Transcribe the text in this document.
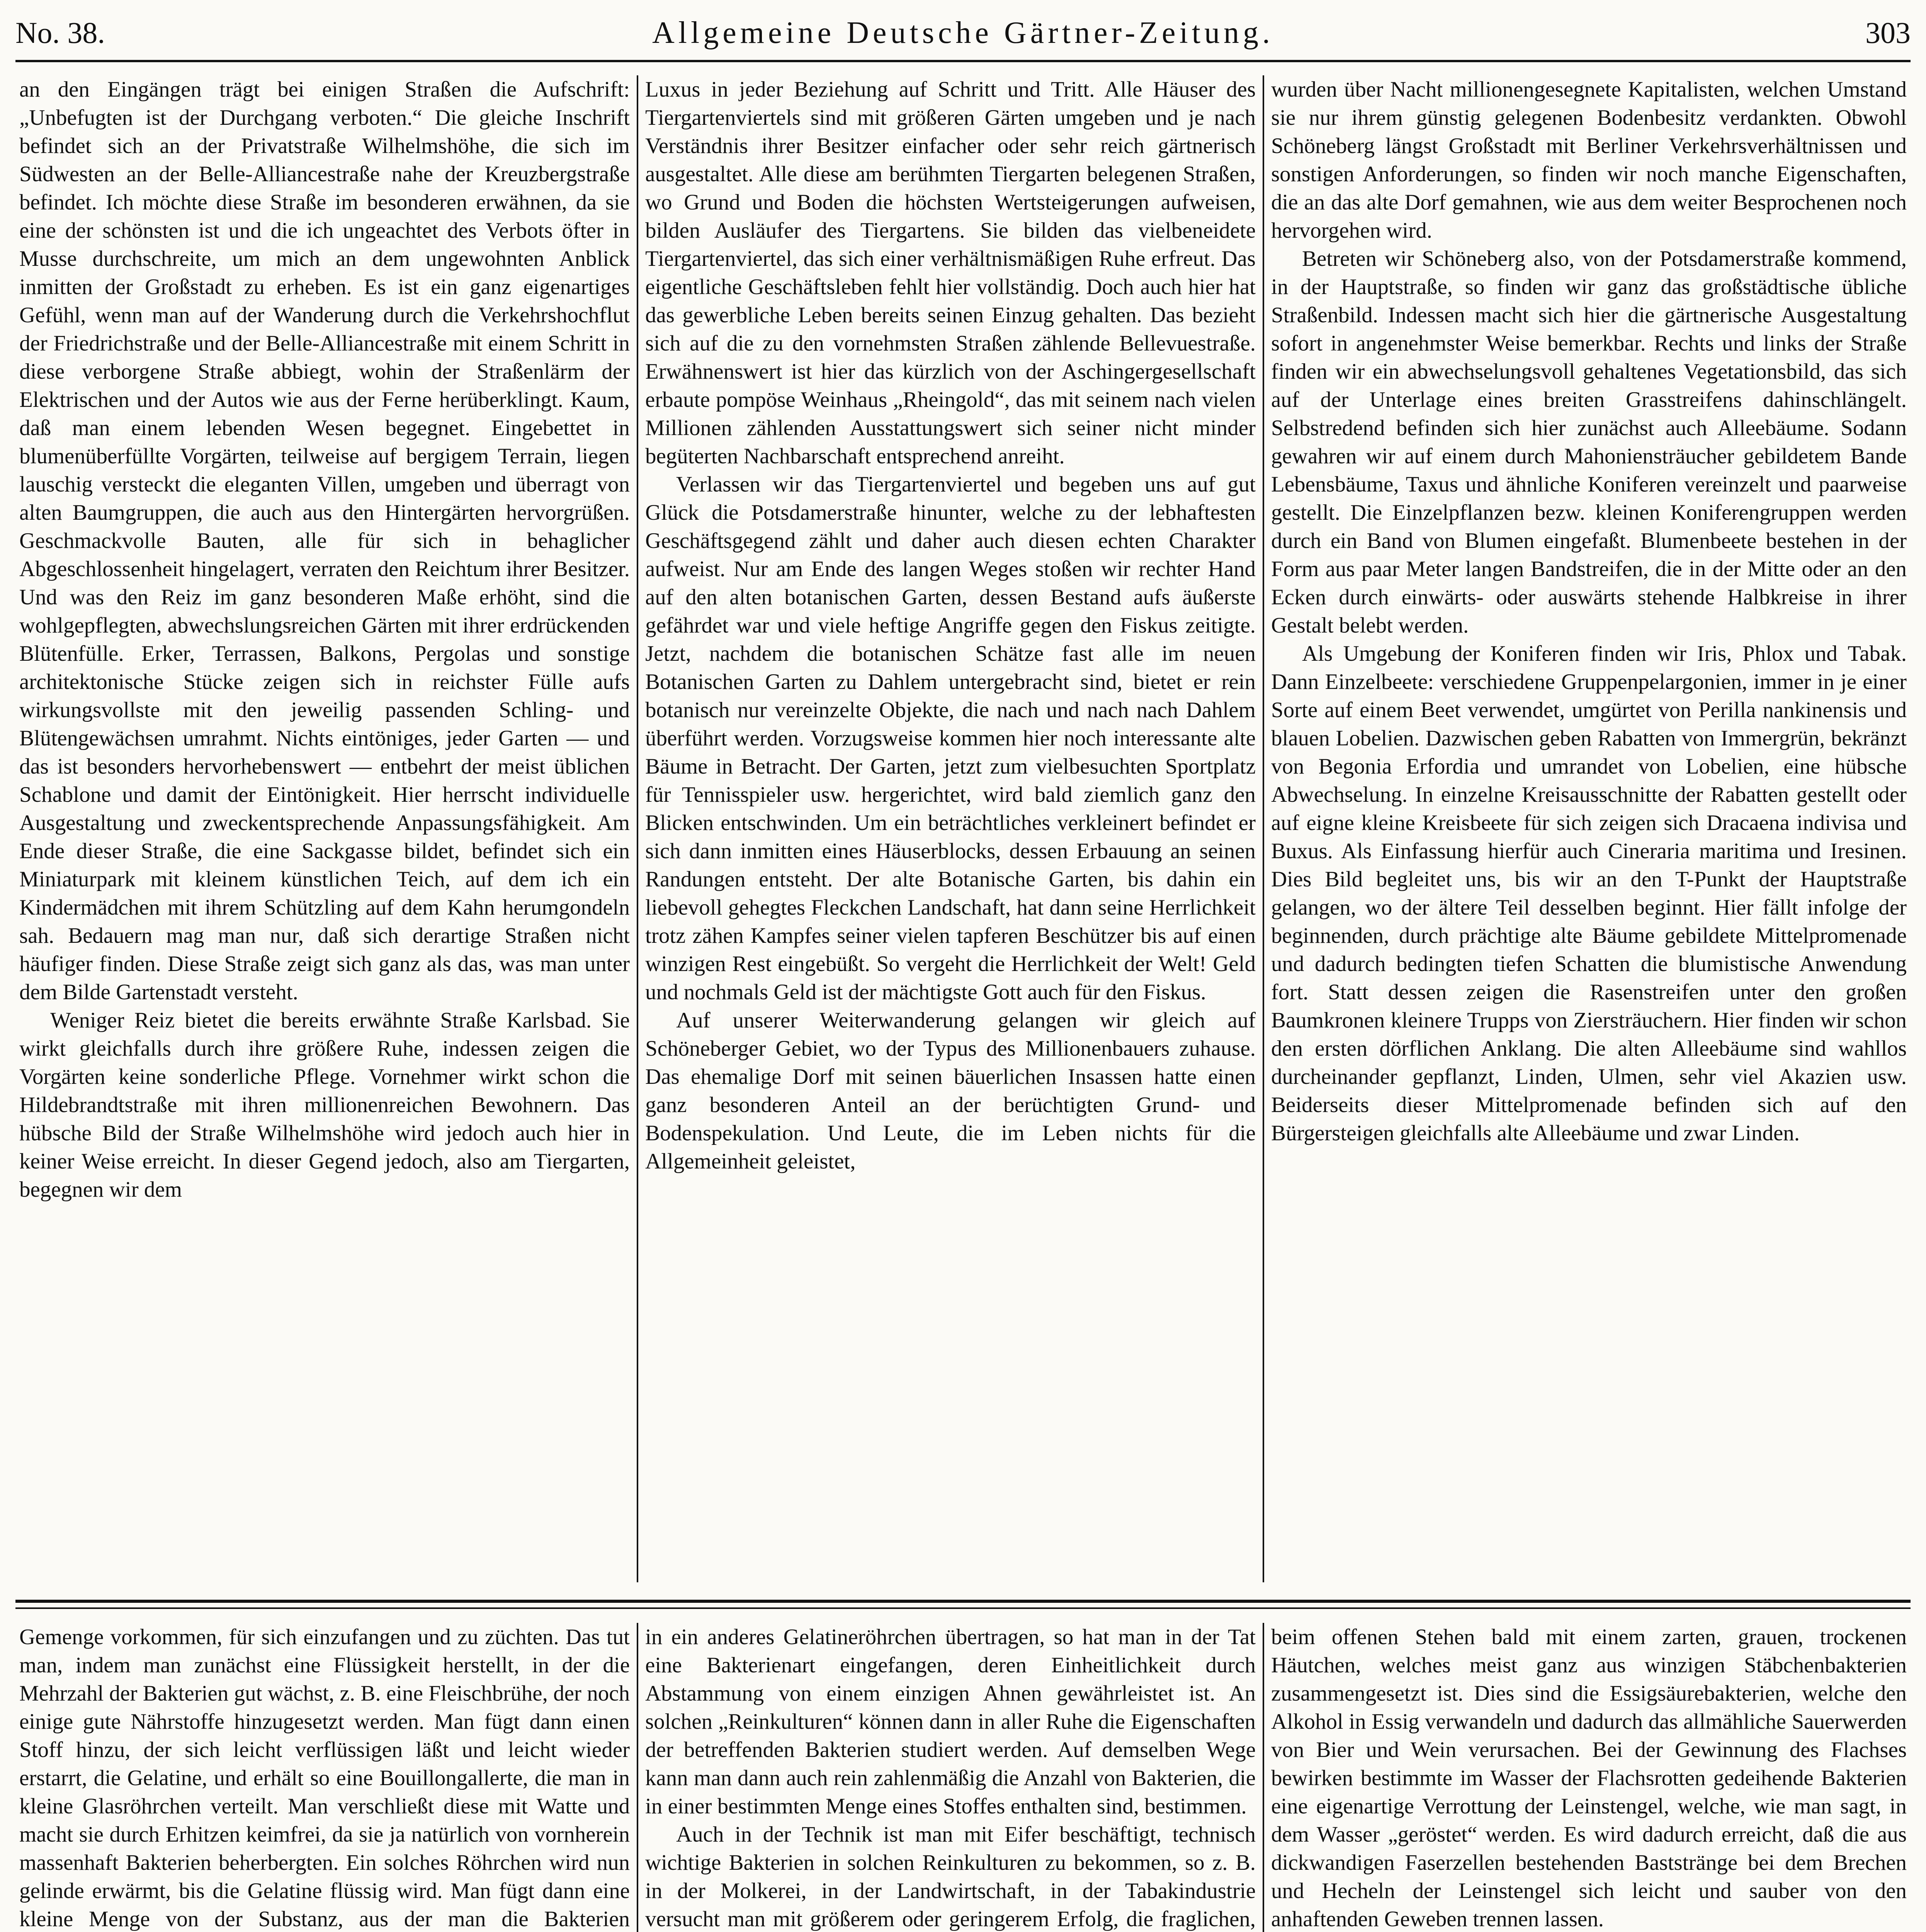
No. 38.	Allgemeine Deutsche Gärtner-Zeitung.	303

an den Eingängen trägt bei einigen Straßen die Aufschrift: „Unbefugten ist der Durchgang verboten.“ Die gleiche Inschrift befindet sich an der Privatstraße Wilhelmshöhe, die sich im Südwesten an der Belle-Alliancestraße nahe der Kreuzbergstraße befindet. Ich möchte diese Straße im besonderen erwähnen, da sie eine der schönsten ist und die ich ungeachtet des Verbots öfter in Musse durchschreite, um mich an dem ungewohnten Anblick inmitten der Großstadt zu erheben. Es ist ein ganz eigenartiges Gefühl, wenn man auf der Wanderung durch die Verkehrshochflut der Friedrichstraße und der Belle-Alliancestraße mit einem Schritt in diese verborgene Straße abbiegt, wohin der Straßenlärm der Elektrischen und der Autos wie aus der Ferne herüberklingt. Kaum, daß man einem lebenden Wesen begegnet. Eingebettet in blumenüberfüllte Vorgärten, teilweise auf bergigem Terrain, liegen lauschig versteckt die eleganten Villen, umgeben und überragt von alten Baumgruppen, die auch aus den Hintergärten hervorgrüßen. Geschmackvolle Bauten, alle für sich in behaglicher Abgeschlossenheit hingelagert, verraten den Reichtum ihrer Besitzer. Und was den Reiz im ganz besonderen Maße erhöht, sind die wohlgepflegten, abwechslungsreichen Gärten mit ihrer erdrückenden Blütenfülle. Erker, Terrassen, Balkons, Pergolas und sonstige architektonische Stücke zeigen sich in reichster Fülle aufs wirkungsvollste mit den jeweilig passenden Schling- und Blütengewächsen umrahmt. Nichts eintöniges, jeder Garten — und das ist besonders hervorhebenswert — entbehrt der meist üblichen Schablone und damit der Eintönigkeit. Hier herrscht individuelle Ausgestaltung und zweckentsprechende Anpassungsfähigkeit. Am Ende dieser Straße, die eine Sackgasse bildet, befindet sich ein Miniaturpark mit kleinem künstlichen Teich, auf dem ich ein Kindermädchen mit ihrem Schützling auf dem Kahn herumgondeln sah. Bedauern mag man nur, daß sich derartige Straßen nicht häufiger finden. Diese Straße zeigt sich ganz als das, was man unter dem Bilde Gartenstadt versteht.

Weniger Reiz bietet die bereits erwähnte Straße Karlsbad. Sie wirkt gleichfalls durch ihre größere Ruhe, indessen zeigen die Vorgärten keine sonderliche Pflege. Vornehmer wirkt schon die Hildebrandtstraße mit ihren millionenreichen Bewohnern. Das hübsche Bild der Straße Wilhelmshöhe wird jedoch auch hier in keiner Weise erreicht. In dieser Gegend jedoch, also am Tiergarten, begegnen wir dem

Luxus in jeder Beziehung auf Schritt und Tritt. Alle Häuser des Tiergartenviertels sind mit größeren Gärten umgeben und je nach Verständnis ihrer Besitzer einfacher oder sehr reich gärtnerisch ausgestaltet. Alle diese am berühmten Tiergarten belegenen Straßen, wo Grund und Boden die höchsten Wertsteigerungen aufweisen, bilden Ausläufer des Tiergartens. Sie bilden das vielbeneidete Tiergartenviertel, das sich einer verhältnismäßigen Ruhe erfreut. Das eigentliche Geschäftsleben fehlt hier vollständig. Doch auch hier hat das gewerbliche Leben bereits seinen Einzug gehalten. Das bezieht sich auf die zu den vornehmsten Straßen zählende Bellevuestraße. Erwähnenswert ist hier das kürzlich von der Aschingergesellschaft erbaute pompöse Weinhaus „Rheingold“, das mit seinem nach vielen Millionen zählenden Ausstattungswert sich seiner nicht minder begüterten Nachbarschaft entsprechend anreiht.

Verlassen wir das Tiergartenviertel und begeben uns auf gut Glück die Potsdamerstraße hinunter, welche zu der lebhaftesten Geschäftsgegend zählt und daher auch diesen echten Charakter aufweist. Nur am Ende des langen Weges stoßen wir rechter Hand auf den alten botanischen Garten, dessen Bestand aufs äußerste gefährdet war und viele heftige Angriffe gegen den Fiskus zeitigte. Jetzt, nachdem die botanischen Schätze fast alle im neuen Botanischen Garten zu Dahlem untergebracht sind, bietet er rein botanisch nur vereinzelte Objekte, die nach und nach nach Dahlem überführt werden. Vorzugsweise kommen hier noch interessante alte Bäume in Betracht. Der Garten, jetzt zum vielbesuchten Sportplatz für Tennisspieler usw. hergerichtet, wird bald ziemlich ganz den Blicken entschwinden. Um ein beträchtliches verkleinert befindet er sich dann inmitten eines Häuserblocks, dessen Erbauung an seinen Randungen entsteht. Der alte Botanische Garten, bis dahin ein liebevoll gehegtes Fleckchen Landschaft, hat dann seine Herrlichkeit trotz zähen Kampfes seiner vielen tapferen Beschützer bis auf einen winzigen Rest eingebüßt. So vergeht die Herrlichkeit der Welt! Geld und nochmals Geld ist der mächtigste Gott auch für den Fiskus.

Auf unserer Weiterwanderung gelangen wir gleich auf Schöneberger Gebiet, wo der Typus des Millionenbauers zuhause. Das ehemalige Dorf mit seinen bäuerlichen Insassen hatte einen ganz besonderen Anteil an der berüchtigten Grund- und Bodenspekulation. Und Leute, die im Leben nichts für die Allgemeinheit geleistet,

wurden über Nacht millionengesegnete Kapitalisten, welchen Umstand sie nur ihrem günstig gelegenen Bodenbesitz verdankten. Obwohl Schöneberg längst Großstadt mit Berliner Verkehrsverhältnissen und sonstigen Anforderungen, so finden wir noch manche Eigenschaften, die an das alte Dorf gemahnen, wie aus dem weiter Besprochenen noch hervorgehen wird.

Betreten wir Schöneberg also, von der Potsdamerstraße kommend, in der Hauptstraße, so finden wir ganz das großstädtische übliche Straßenbild. Indessen macht sich hier die gärtnerische Ausgestaltung sofort in angenehmster Weise bemerkbar. Rechts und links der Straße finden wir ein abwechselungsvoll gehaltenes Vegetationsbild, das sich auf der Unterlage eines breiten Grasstreifens dahinschlängelt. Selbstredend befinden sich hier zunächst auch Alleebäume. Sodann gewahren wir auf einem durch Mahoniensträucher gebildetem Bande Lebensbäume, Taxus und ähnliche Koniferen vereinzelt und paarweise gestellt. Die Einzelpflanzen bezw. kleinen Koniferengruppen werden durch ein Band von Blumen eingefaßt. Blumenbeete bestehen in der Form aus paar Meter langen Bandstreifen, die in der Mitte oder an den Ecken durch einwärts- oder auswärts stehende Halbkreise in ihrer Gestalt belebt werden.

Als Umgebung der Koniferen finden wir Iris, Phlox und Tabak. Dann Einzelbeete: verschiedene Gruppenpelargonien, immer in je einer Sorte auf einem Beet verwendet, umgürtet von Perilla nankinensis und blauen Lobelien. Dazwischen geben Rabatten von Immergrün, bekränzt von Begonia Erfordia und umrandet von Lobelien, eine hübsche Abwechselung. In einzelne Kreisausschnitte der Rabatten gestellt oder auf eigne kleine Kreisbeete für sich zeigen sich Dracaena indivisa und Buxus. Als Einfassung hierfür auch Cineraria maritima und Iresinen. Dies Bild begleitet uns, bis wir an den T-Punkt der Hauptstraße gelangen, wo der ältere Teil desselben beginnt. Hier fällt infolge der beginnenden, durch prächtige alte Bäume gebildete Mittelpromenade und dadurch bedingten tiefen Schatten die blumistische Anwendung fort. Statt dessen zeigen die Rasenstreifen unter den großen Baumkronen kleinere Trupps von Ziersträuchern. Hier finden wir schon den ersten dörflichen Anklang. Die alten Alleebäume sind wahllos durcheinander gepflanzt, Linden, Ulmen, sehr viel Akazien usw. Beiderseits dieser Mittelpromenade befinden sich auf den Bürgersteigen gleichfalls alte Alleebäume und zwar Linden.

Gemenge vorkommen, für sich einzufangen und zu züchten. Das tut man, indem man zunächst eine Flüssigkeit herstellt, in der die Mehrzahl der Bakterien gut wächst, z. B. eine Fleischbrühe, der noch einige gute Nährstoffe hinzugesetzt werden. Man fügt dann einen Stoff hinzu, der sich leicht verflüssigen läßt und leicht wieder erstarrt, die Gelatine, und erhält so eine Bouillongallerte, die man in kleine Glasröhrchen verteilt. Man verschließt diese mit Watte und macht sie durch Erhitzen keimfrei, da sie ja natürlich von vornherein massenhaft Bakterien beherbergten. Ein solches Röhrchen wird nun gelinde erwärmt, bis die Gelatine flüssig wird. Man fügt dann eine kleine Menge von der Substanz, aus der man die Bakterien

in ein anderes Gelatineröhrchen übertragen, so hat man in der Tat eine Bakterienart eingefangen, deren Einheitlichkeit durch Abstammung von einem einzigen Ahnen gewährleistet ist. An solchen „Reinkulturen“ können dann in aller Ruhe die Eigenschaften der betreffenden Bakterien studiert werden. Auf demselben Wege kann man dann auch rein zahlenmäßig die Anzahl von Bakterien, die in einer bestimmten Menge eines Stoffes enthalten sind, bestimmen.

Auch in der Technik ist man mit Eifer beschäftigt, technisch wichtige Bakterien in solchen Reinkulturen zu bekommen, so z. B. in der Molkerei, in der Landwirtschaft, in der Tabakindustrie versucht man mit größerem oder geringerem Erfolg, die fraglichen,

beim offenen Stehen bald mit einem zarten, grauen, trockenen Häutchen, welches meist ganz aus winzigen Stäbchenbakterien zusammengesetzt ist. Dies sind die Essigsäurebakterien, welche den Alkohol in Essig verwandeln und dadurch das allmähliche Sauerwerden von Bier und Wein verursachen. Bei der Gewinnung des Flachses bewirken bestimmte im Wasser der Flachsrotten gedeihende Bakterien eine eigenartige Verrottung der Leinstengel, welche, wie man sagt, in dem Wasser „geröstet“ werden. Es wird dadurch erreicht, daß die aus dickwandigen Faserzellen bestehenden Baststränge bei dem Brechen und Hecheln der Leinstengel sich leicht und sauber von den anhaftenden Geweben trennen lassen.
